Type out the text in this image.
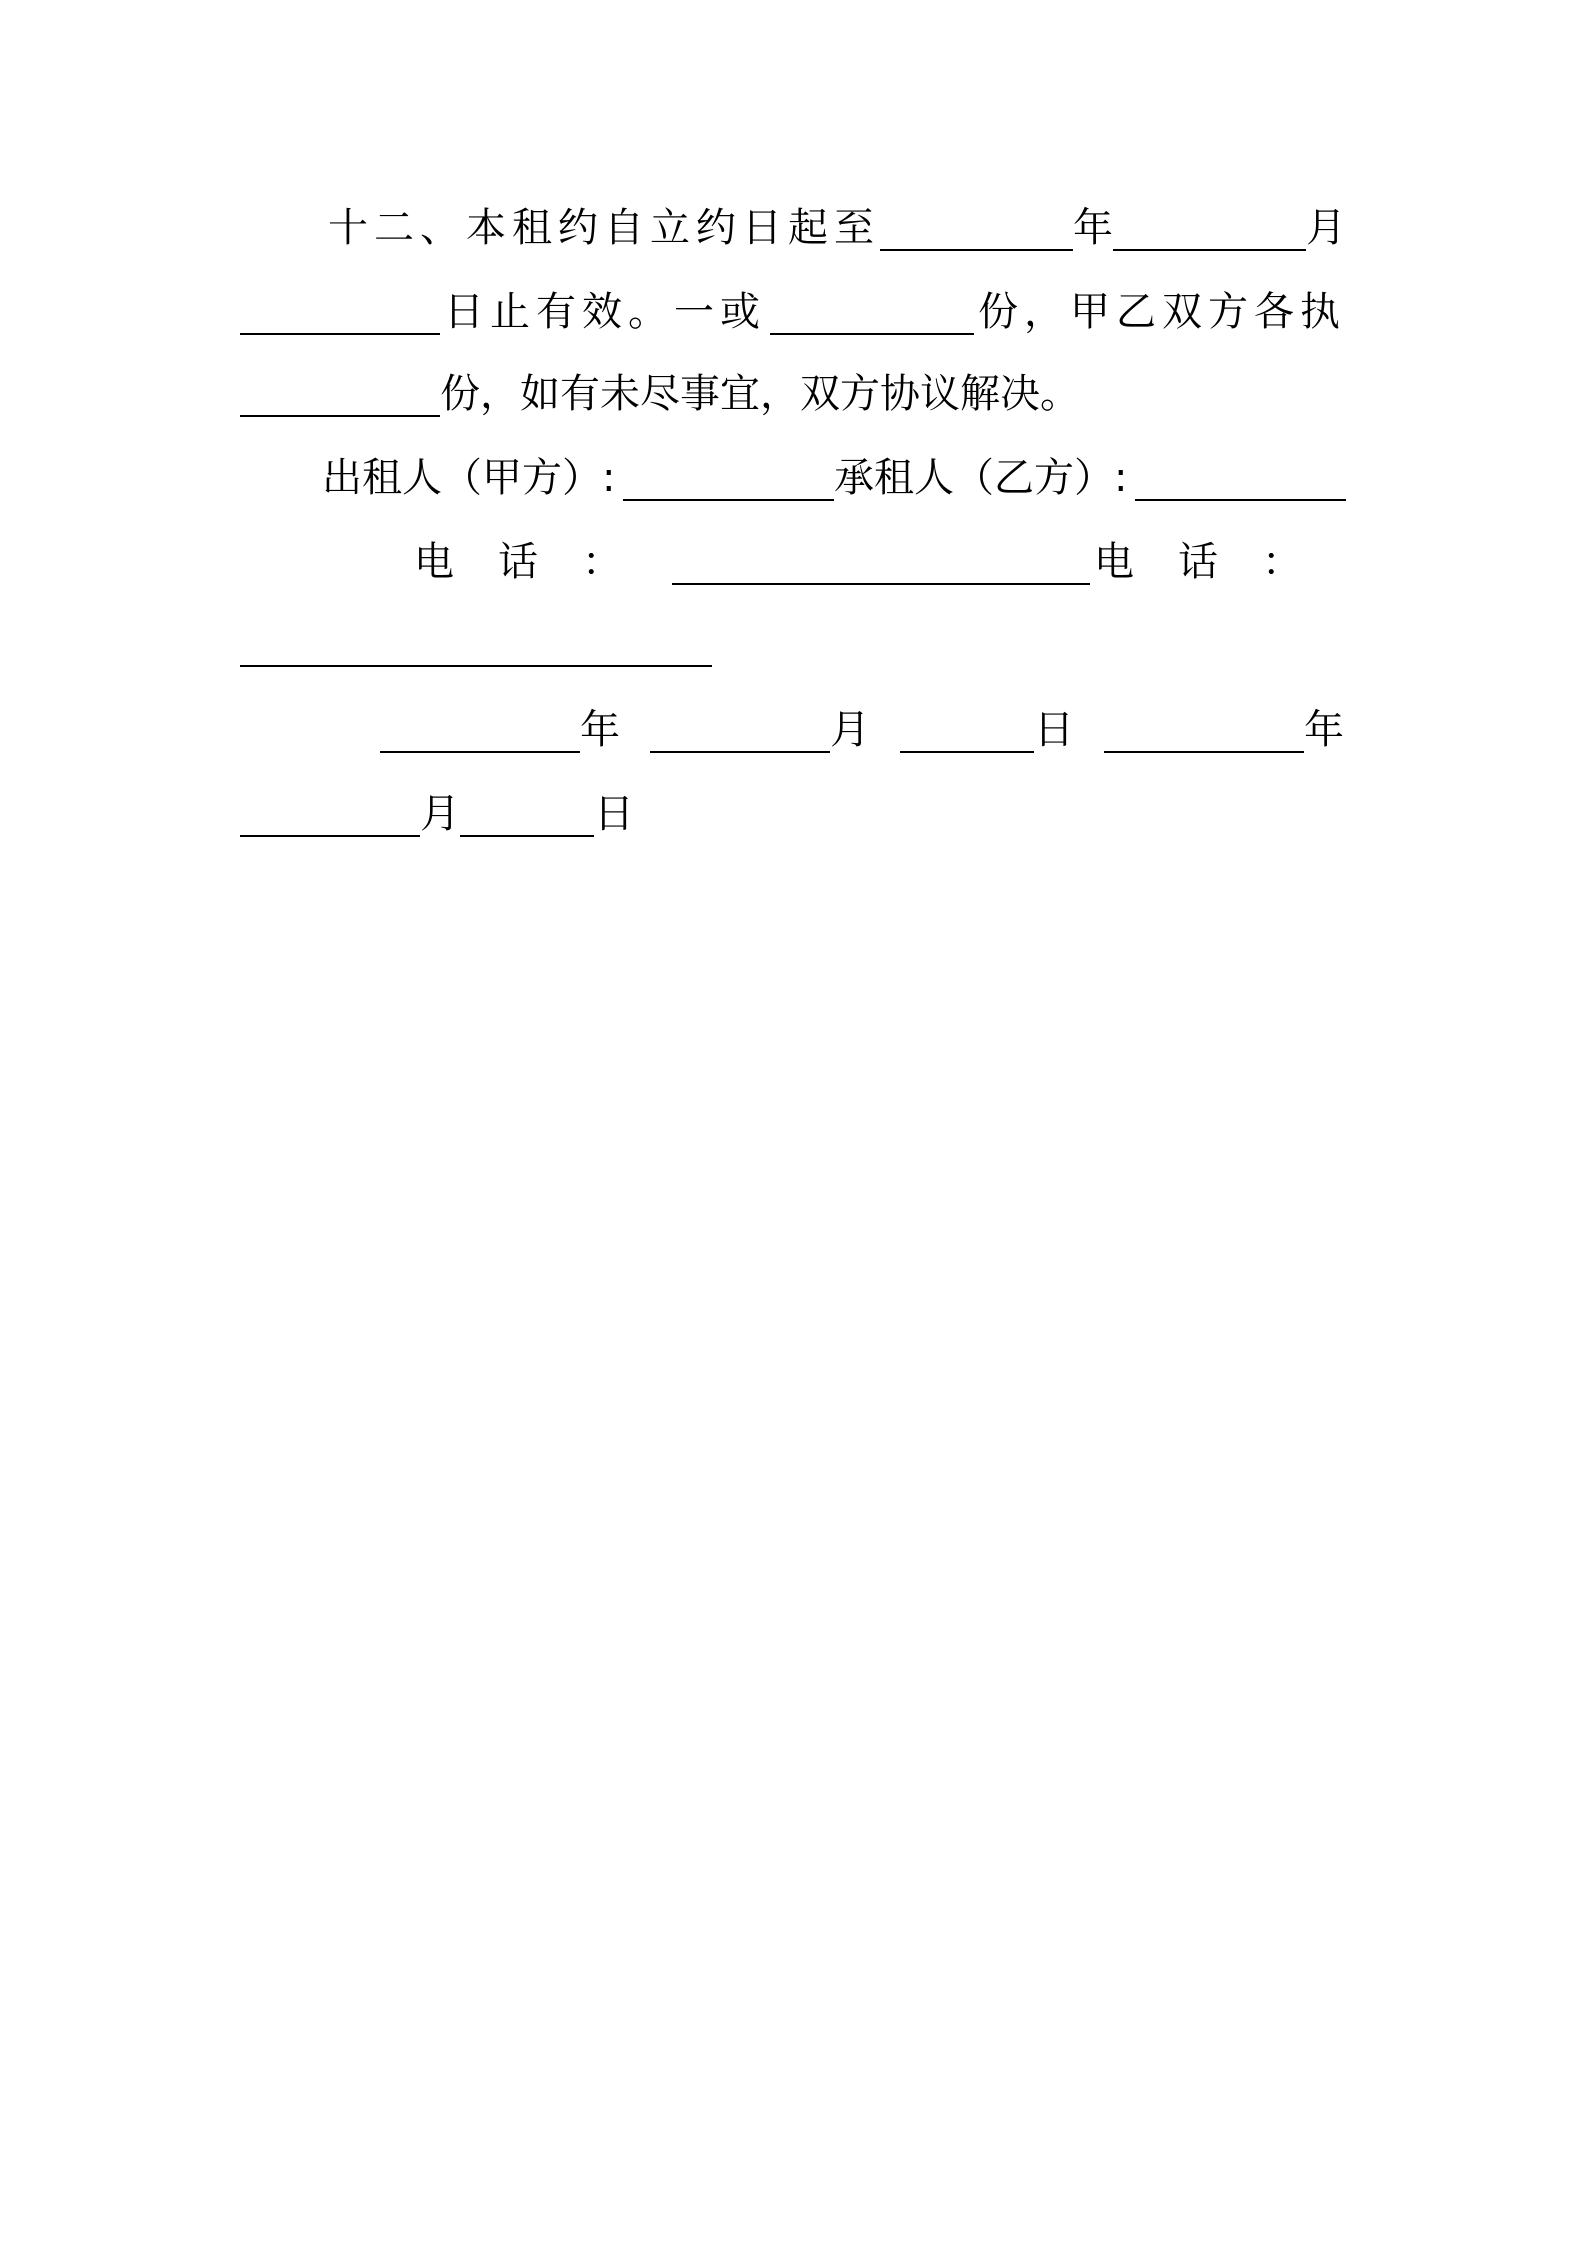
十二、本租约自立约日起至	年	月
日止有效。一或	份，甲乙双方各执
份，如有未尽事宜，双方协议解决。
出租人（甲方）:	承租人（乙方）:
电话：	电话：
年	月	日	年
月	日
